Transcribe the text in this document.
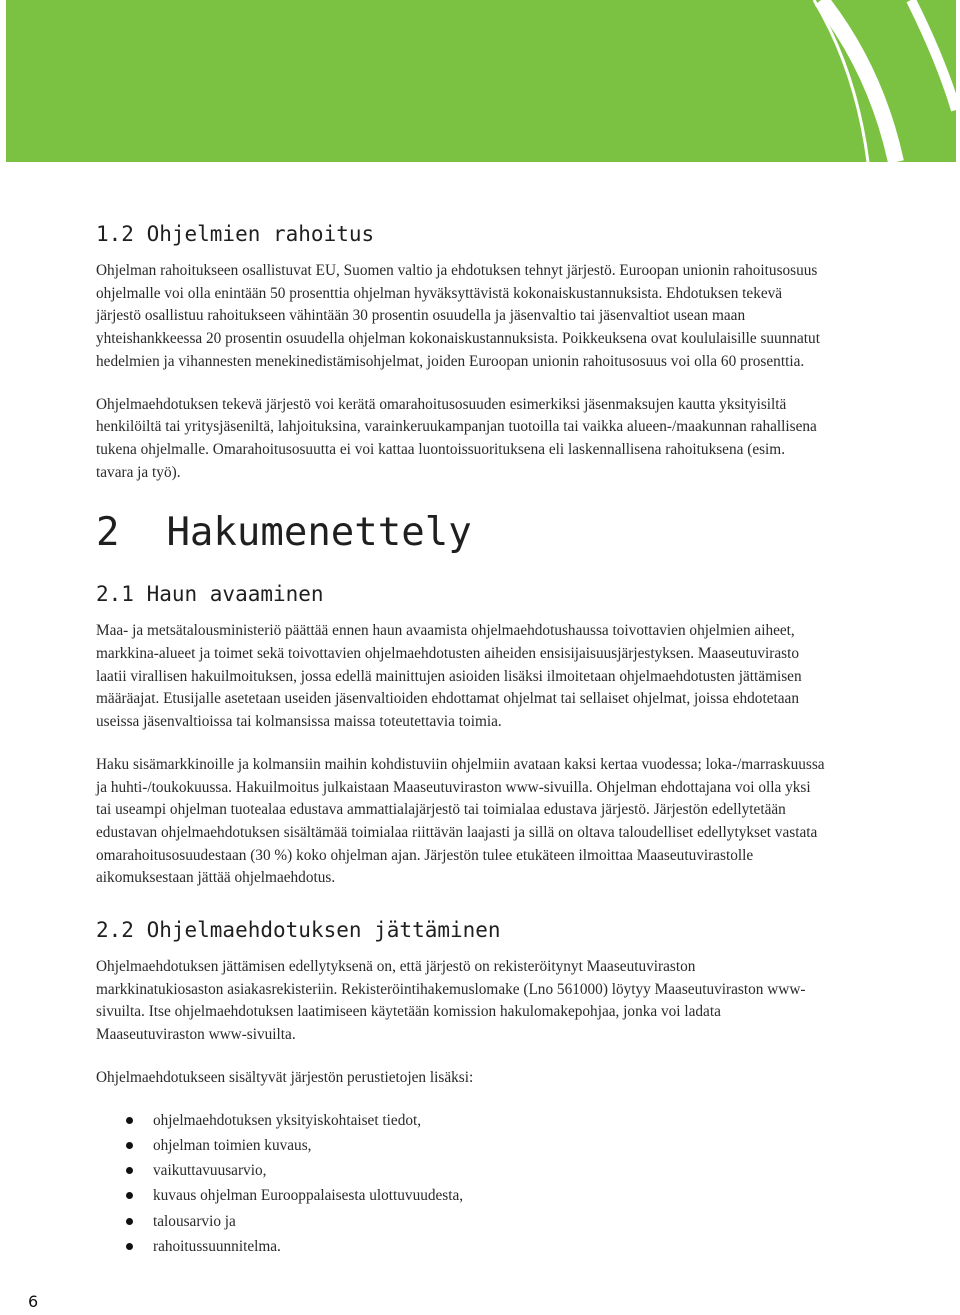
1.2 Ohjelmien rahoitus

Ohjelman rahoitukseen osallistuvat EU, Suomen valtio ja ehdotuksen tehnyt järjestö. Euroopan unionin rahoitusosuus ohjelmalle voi olla enintään 50 prosenttia ohjelman hyväksyttävistä kokonaiskustannuksista. Ehdotuksen tekevä järjestö osallistuu rahoitukseen vähintään 30 prosentin osuudella ja jäsenvaltio tai jäsenvaltiot usean maan yhteishankkeessa 20 prosentin osuudella ohjelman kokonaiskustannuksista. Poikkeuksena ovat koululaisille suunnatut hedelmien ja vihannesten menekinedistämisohjelmat, joiden Euroopan unionin rahoitusosuus voi olla 60 prosenttia.

Ohjelmaehdotuksen tekevä järjestö voi kerätä omarahoitusosuuden esimerkiksi jäsenmaksujen kautta yksityisiltä henkilöiltä tai yritysjäseniltä, lahjoituksina, varainkeruukampanjan tuotoilla tai vaikka alueen-/maakunnan rahallisena tukena ohjelmalle. Omarahoitusosuutta ei voi kattaa luontoissuorituksena eli laskennallisena rahoituksena (esim. tavara ja työ).

2  Hakumenettely
2.1 Haun avaaminen

Maa- ja metsätalousministeriö päättää ennen haun avaamista ohjelmaehdotushaussa toivottavien ohjelmien aiheet, markkina-alueet ja toimet sekä toivottavien ohjelmaehdotusten aiheiden ensisijaisuusjärjestyksen. Maaseutuvirasto laatii virallisen hakuilmoituksen, jossa edellä mainittujen asioiden lisäksi ilmoitetaan ohjelmaehdotusten jättämisen määräajat. Etusijalle asetetaan useiden jäsenvaltioiden ehdottamat ohjelmat tai sellaiset ohjelmat, joissa ehdotetaan useissa jäsenvaltioissa tai kolmansissa maissa toteutettavia toimia.

Haku sisämarkkinoille ja kolmansiin maihin kohdistuviin ohjelmiin avataan kaksi kertaa vuodessa; loka-/marraskuussa ja huhti-/toukokuussa. Hakuilmoitus julkaistaan Maaseutuviraston www-sivuilla. Ohjelman ehdottajana voi olla yksi tai useampi ohjelman tuotealaa edustava ammattialajärjestö tai toimialaa edustava järjestö. Järjestön edellytetään edustavan ohjelmaehdotuksen sisältämää toimialaa riittävän laajasti ja sillä on oltava taloudelliset edellytykset vastata omarahoitusosuudestaan (30 %) koko ohjelman ajan. Järjestön tulee etukäteen ilmoittaa Maaseutuvirastolle aikomuksestaan jättää ohjelmaehdotus.

2.2 Ohjelmaehdotuksen jättäminen

Ohjelmaehdotuksen jättämisen edellytyksenä on, että järjestö on rekisteröitynyt Maaseutuviraston markkinatukiosaston asiakasrekisteriin. Rekisteröintihakemuslomake (Lno 561000) löytyy Maaseutuviraston www-sivuilta. Itse ohjelmaehdotuksen laatimiseen käytetään komission hakulomakepohjaa, jonka voi ladata Maaseutuviraston www-sivuilta.

Ohjelmaehdotukseen sisältyvät järjestön perustietojen lisäksi:

ohjelmaehdotuksen yksityiskohtaiset tiedot,
ohjelman toimien kuvaus,
vaikuttavuusarvio,
kuvaus ohjelman Eurooppalaisesta ulottuvuudesta,
talousarvio ja
rahoitussuunnitelma.
6
